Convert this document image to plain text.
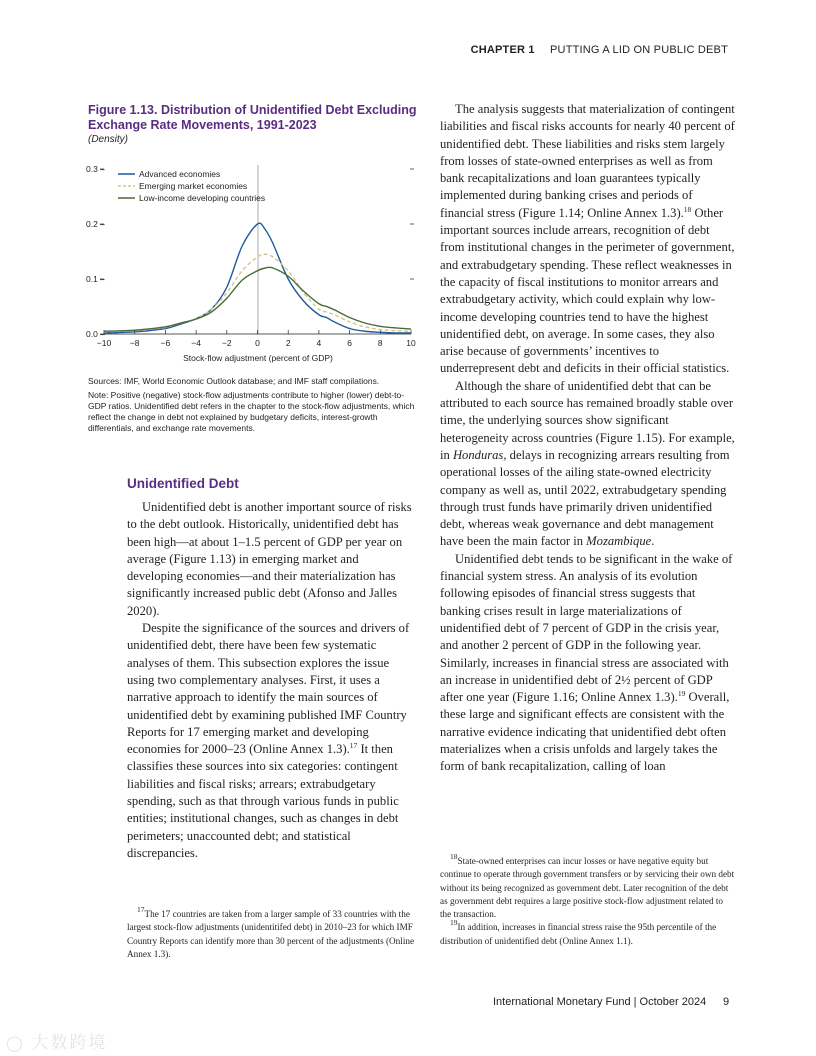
CHAPTER 1 PUTTING A LID ON PUBLIC DEBT
Figure 1.13. Distribution of Unidentified Debt Excluding Exchange Rate Movements, 1991-2023
(Density)
0.0 –
0.1 –
0.2 –
0.3 –
−10 −8 −6 −4 −2	0	2	4	6	8	10
Stock-flow adjustment (percent of GDP)
Advanced economies
Emerging market economies
Low-income developing countries

Sources: IMF, World Economic Outlook database; and IMF staff compilations.

Note: Positive (negative) stock-flow adjustments contribute to higher (lower) debt-to-GDP ratios. Unidentified debt refers in the chapter to the stock-flow adjustments, which reflect the change in debt not explained by budgetary deficits, interest-growth differentials, and exchange rate movements.

Unidentified Debt

Unidentified debt is another important source of risks to the debt outlook. Historically, unidentified debt has been high—at about 1–1.5 percent of GDP per year on average (Figure 1.13) in emerging market and developing economies—and their materialization has significantly increased public debt (Afonso and Jalles 2020).

Despite the significance of the sources and drivers of unidentified debt, there have been few systematic analyses of them. This subsection explores the issue using two complementary analyses. First, it uses a narrative approach to identify the main sources of unidentified debt by examining published IMF Country Reports for 17 emerging market and developing economies for 2000–23 (Online Annex 1.3).$^{17}$ It then classifies these sources into six categories: contingent liabilities and fiscal risks; arrears; extrabudgetary spending, such as that through various funds in public entities; institutional changes, such as changes in debt perimeters; unaccounted debt; and statistical discrepancies.

The analysis suggests that materialization of contingent liabilities and fiscal risks accounts for nearly 40 percent of unidentified debt. These liabilities and risks stem largely from losses of state-owned enterprises as well as from bank recapitalizations and loan guarantees typically implemented during banking crises and periods of financial stress (Figure 1.14; Online Annex 1.3).$^{18}$ Other important sources include arrears, recognition of debt from institutional changes in the perimeter of government, and extrabudgetary spending. These reflect weaknesses in the capacity of fiscal institutions to monitor arrears and extrabudgetary activity, which could explain why low-income developing countries tend to have the highest unidentified debt, on average. In some cases, they also arise because of governments’ incentives to underrepresent debt and deficits in their official statistics.

Although the share of unidentified debt that can be attributed to each source has remained broadly stable over time, the underlying sources show significant heterogeneity across countries (Figure 1.15). For example, in Honduras, delays in recognizing arrears resulting from operational losses of the ailing state-owned electricity company as well as, until 2022, extrabudgetary spending through trust funds have primarily driven unidentified debt, whereas weak governance and debt management have been the main factor in Mozambique.

Unidentified debt tends to be significant in the wake of financial system stress. An analysis of its evolution following episodes of financial stress suggests that banking crises result in large materializations of unidentified debt of 7 percent of GDP in the crisis year, and another 2 percent of GDP in the following year. Similarly, increases in financial stress are associated with an increase in unidentified debt of 2½ percent of GDP after one year (Figure 1.16; Online Annex 1.3).$^{19}$ Overall, these large and significant effects are consistent with the narrative evidence indicating that unidentified debt often materializes when a crisis unfolds and largely takes the form of bank recapitalization, calling of loan

$^{17}$The 17 countries are taken from a larger sample of 33 countries with the largest stock-flow adjustments (unidentitifed debt) in 2010–23 for which IMF Country Reports can identify more than 30 percent of the adjustments (Online Annex 1.3).

$^{18}$State-owned enterprises can incur losses or have negative equity but continue to operate through government transfers or by servicing their own debt without its being recognized as government debt. Later recognition of the debt as government debt requires a large positive stock-flow adjustment related to the transaction.

$^{19}$In addition, increases in financial stress raise the 95th percentile of the distribution of unidentified debt (Online Annex 1.1).

International Monetary Fund | October 2024 9
◯ 大数跨境
